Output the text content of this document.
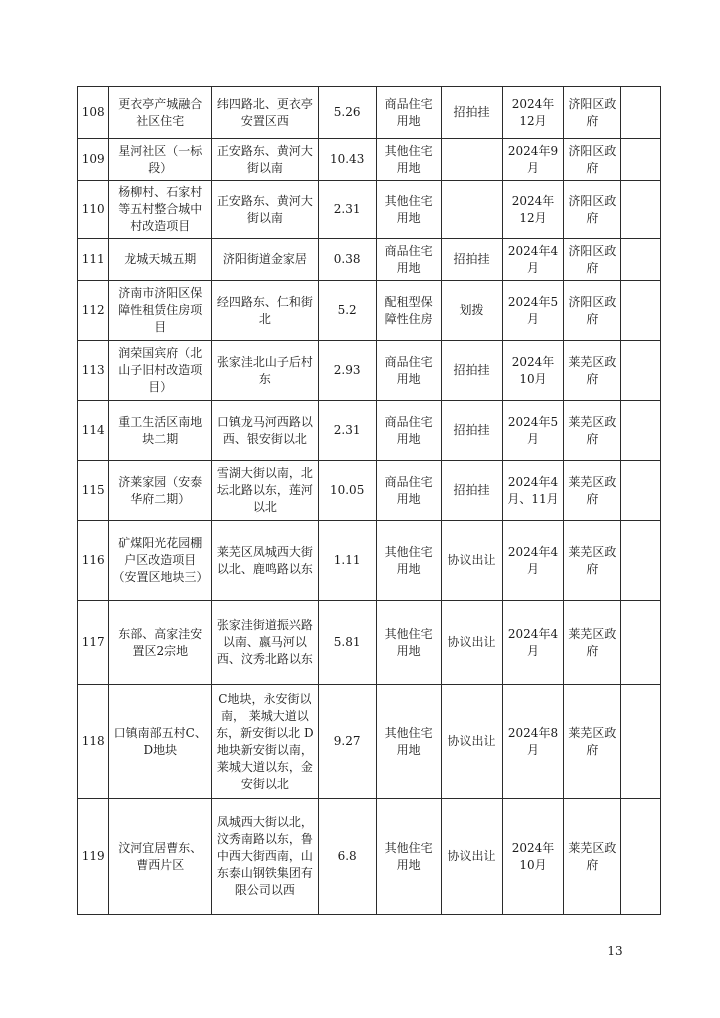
108	更衣亭产城融合社区住宅	纬四路北、更衣亭安置区西	5.26	商品住宅用地	招拍挂	2024年12月	济阳区政府	
109	星河社区（一标段）	正安路东、黄河大街以南	10.43	其他住宅用地		2024年9月	济阳区政府	
110	杨柳村、石家村等五村整合城中村改造项目	正安路东、黄河大街以南	2.31	其他住宅用地		2024年12月	济阳区政府	
111	龙城天城五期	济阳街道金家居	0.38	商品住宅用地	招拍挂	2024年4月	济阳区政府	
112	济南市济阳区保障性租赁住房项目	经四路东、仁和街北	5.2	配租型保障性住房	划拨	2024年5月	济阳区政府	
113	润荣国宾府（北山子旧村改造项目）	张家洼北山子后村东	2.93	商品住宅用地	招拍挂	2024年10月	莱芜区政府	
114	重工生活区南地块二期	口镇龙马河西路以西、银安街以北	2.31	商品住宅用地	招拍挂	2024年5月	莱芜区政府	
115	济莱家园（安泰华府二期）	雪湖大街以南，北坛北路以东，莲河以北	10.05	商品住宅用地	招拍挂	2024年4月、11月	莱芜区政府	
116	矿煤阳光花园棚户区改造项目（安置区地块三）	莱芜区凤城西大街以北、鹿鸣路以东	1.11	其他住宅用地	协议出让	2024年4月	莱芜区政府	
117	东部、高家洼安置区2宗地	张家洼街道振兴路以南、嬴马河以西、汶秀北路以东	5.81	其他住宅用地	协议出让	2024年4月	莱芜区政府	
118	口镇南部五村C、D地块	C地块，永安街以南， 莱城大道以东，新安街以北 D地块新安街以南，莱城大道以东，金安街以北	9.27	其他住宅用地	协议出让	2024年8月	莱芜区政府	
119	汶河宜居曹东、曹西片区	凤城西大街以北，汶秀南路以东，鲁中西大街西南，山东泰山钢铁集团有限公司以西	6.8	其他住宅用地	协议出让	2024年10月	莱芜区政府	
13
